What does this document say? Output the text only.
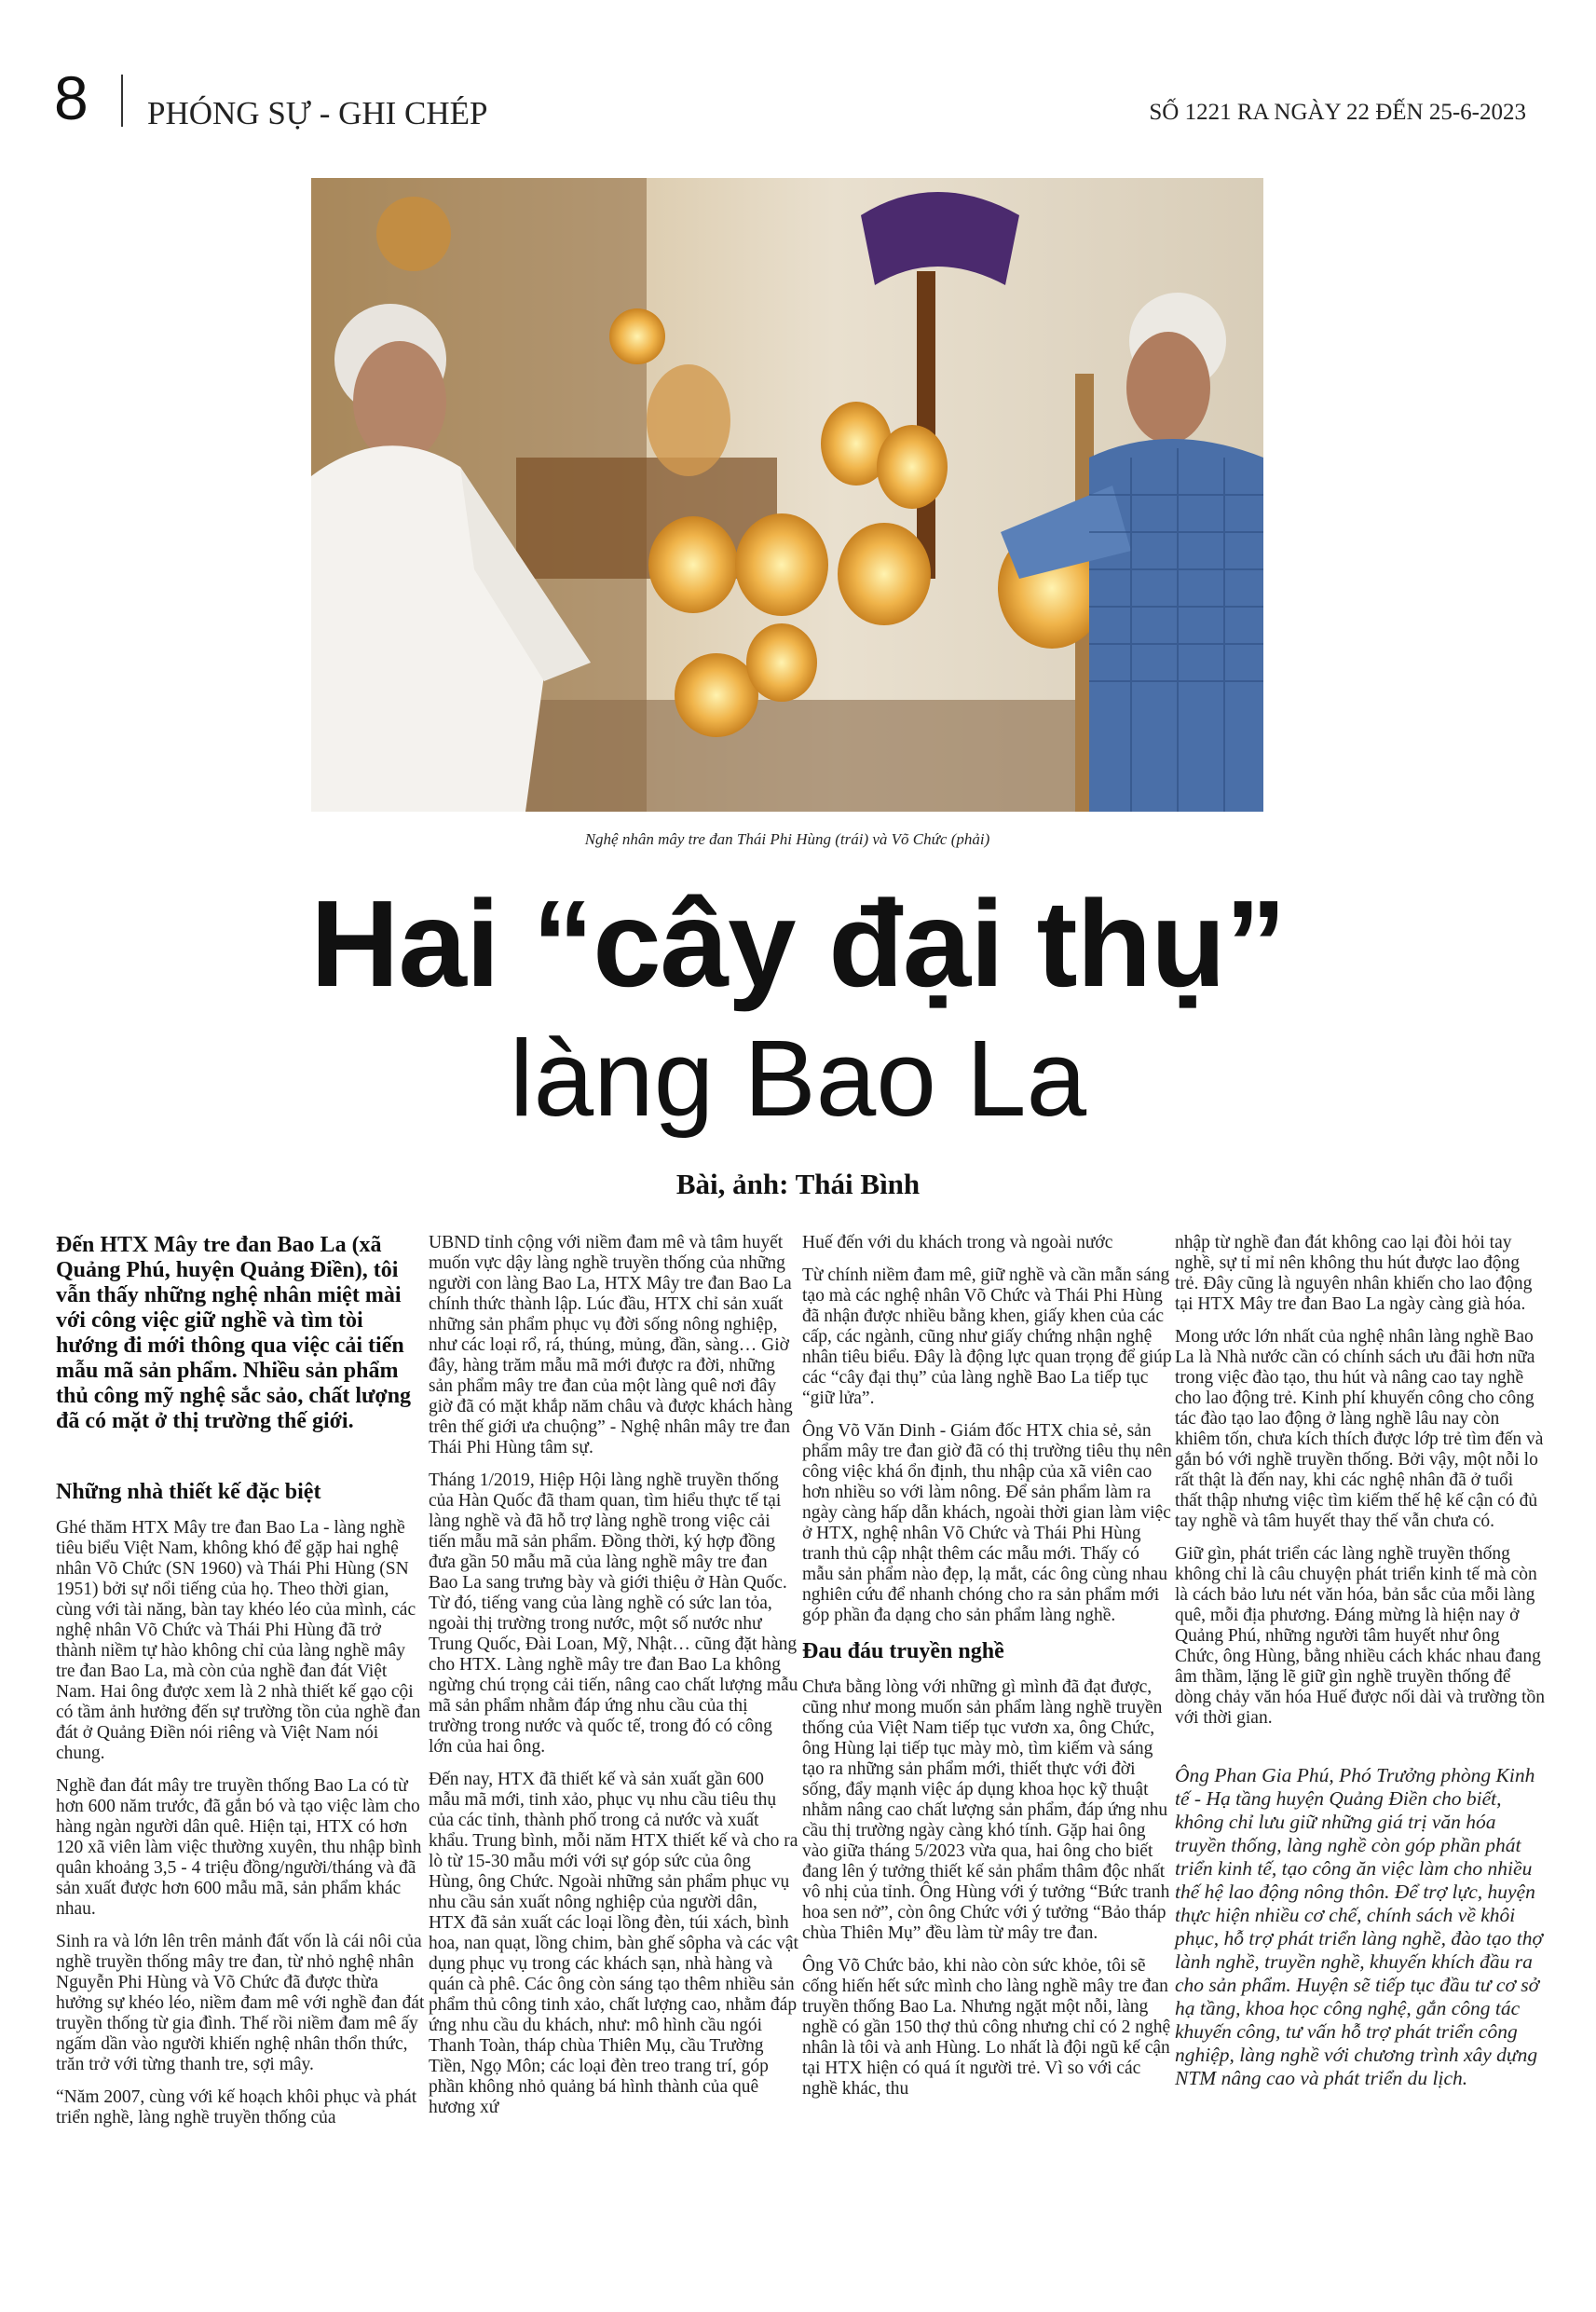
8 PHÓNG SỰ - GHI CHÉP	SỐ 1221 RA NGÀY 22 ĐẾN 25-6-2023
Nghệ nhân mây tre đan Thái Phi Hùng (trái) và Võ Chức (phải)
Hai “cây đại thụ”
làng Bao La
Bài, ảnh: Thái Bình

Đến HTX Mây tre đan Bao La (xã Quảng Phú, huyện Quảng Điền), tôi vẫn thấy những nghệ nhân miệt mài với công việc giữ nghề và tìm tòi hướng đi mới thông qua việc cải tiến mẫu mã sản phẩm. Nhiều sản phẩm thủ công mỹ nghệ sắc sảo, chất lượng đã có mặt ở thị trường thế giới.

Những nhà thiết kế đặc biệt

Ghé thăm HTX Mây tre đan Bao La - làng nghề tiêu biểu Việt Nam, không khó để gặp hai nghệ nhân Võ Chức (SN 1960) và Thái Phi Hùng (SN 1951) bởi sự nổi tiếng của họ. Theo thời gian, cùng với tài năng, bàn tay khéo léo của mình, các nghệ nhân Võ Chức và Thái Phi Hùng đã trở thành niềm tự hào không chỉ của làng nghề mây tre đan Bao La, mà còn của nghề đan đát Việt Nam. Hai ông được xem là 2 nhà thiết kế gạo cội có tầm ảnh hưởng đến sự trường tồn của nghề đan đát ở Quảng Điền nói riêng và Việt Nam nói chung.

Nghề đan đát mây tre truyền thống Bao La có từ hơn 600 năm trước, đã gắn bó và tạo việc làm cho hàng ngàn người dân quê. Hiện tại, HTX có hơn 120 xã viên làm việc thường xuyên, thu nhập bình quân khoảng 3,5 - 4 triệu đồng/người/tháng và đã sản xuất được hơn 600 mẫu mã, sản phẩm khác nhau.

Sinh ra và lớn lên trên mảnh đất vốn là cái nôi của nghề truyền thống mây tre đan, từ nhỏ nghệ nhân Nguyễn Phi Hùng và Võ Chức đã được thừa hưởng sự khéo léo, niềm đam mê với nghề đan đát truyền thống từ gia đình. Thế rồi niềm đam mê ấy ngấm dần vào người khiến nghệ nhân thổn thức, trăn trở với từng thanh tre, sợi mây.

“Năm 2007, cùng với kế hoạch khôi phục và phát triển nghề, làng nghề truyền thống của

UBND tỉnh cộng với niềm đam mê và tâm huyết muốn vực dậy làng nghề truyền thống của những người con làng Bao La, HTX Mây tre đan Bao La chính thức thành lập. Lúc đầu, HTX chỉ sản xuất những sản phẩm phục vụ đời sống nông nghiệp, như các loại rổ, rá, thúng, mủng, đần, sàng… Giờ đây, hàng trăm mẫu mã mới được ra đời, những sản phẩm mây tre đan của một làng quê nơi đây giờ đã có mặt khắp năm châu và được khách hàng trên thế giới ưa chuộng” - Nghệ nhân mây tre đan Thái Phi Hùng tâm sự.

Tháng 1/2019, Hiệp Hội làng nghề truyền thống của Hàn Quốc đã tham quan, tìm hiểu thực tế tại làng nghề và đã hỗ trợ làng nghề trong việc cải tiến mẫu mã sản phẩm. Đồng thời, ký hợp đồng đưa gần 50 mẫu mã của làng nghề mây tre đan Bao La sang trưng bày và giới thiệu ở Hàn Quốc. Từ đó, tiếng vang của làng nghề có sức lan tỏa, ngoài thị trường trong nước, một số nước như Trung Quốc, Đài Loan, Mỹ, Nhật… cũng đặt hàng cho HTX. Làng nghề mây tre đan Bao La không ngừng chú trọng cải tiến, nâng cao chất lượng mẫu mã sản phẩm nhằm đáp ứng nhu cầu của thị trường trong nước và quốc tế, trong đó có công lớn của hai ông.

Đến nay, HTX đã thiết kế và sản xuất gần 600 mẫu mã mới, tinh xảo, phục vụ nhu cầu tiêu thụ của các tỉnh, thành phố trong cả nước và xuất khẩu. Trung bình, mỗi năm HTX thiết kế và cho ra lò từ 15-30 mẫu mới với sự góp sức của ông Hùng, ông Chức. Ngoài những sản phẩm phục vụ nhu cầu sản xuất nông nghiệp của người dân, HTX đã sản xuất các loại lồng đèn, túi xách, bình hoa, nan quạt, lồng chim, bàn ghế sôpha và các vật dụng phục vụ trong các khách sạn, nhà hàng và quán cà phê. Các ông còn sáng tạo thêm nhiều sản phẩm thủ công tinh xảo, chất lượng cao, nhằm đáp ứng nhu cầu du khách, như: mô hình cầu ngói Thanh Toàn, tháp chùa Thiên Mụ, cầu Trường Tiền, Ngọ Môn; các loại đèn treo trang trí, góp phần không nhỏ quảng bá hình thành của quê hương xứ

Huế đến với du khách trong và ngoài nước

Từ chính niềm đam mê, giữ nghề và cần mẫn sáng tạo mà các nghệ nhân Võ Chức và Thái Phi Hùng đã nhận được nhiều bằng khen, giấy khen của các cấp, các ngành, cũng như giấy chứng nhận nghệ nhân tiêu biểu. Đây là động lực quan trọng để giúp các “cây đại thụ” của làng nghề Bao La tiếp tục “giữ lửa”.

Ông Võ Văn Dinh - Giám đốc HTX chia sẻ, sản phẩm mây tre đan giờ đã có thị trường tiêu thụ nên công việc khá ổn định, thu nhập của xã viên cao hơn nhiều so với làm nông. Để sản phẩm làm ra ngày càng hấp dẫn khách, ngoài thời gian làm việc ở HTX, nghệ nhân Võ Chức và Thái Phi Hùng tranh thủ cập nhật thêm các mẫu mới. Thấy có mẫu sản phẩm nào đẹp, lạ mắt, các ông cùng nhau nghiên cứu để nhanh chóng cho ra sản phẩm mới góp phần đa dạng cho sản phẩm làng nghề.

Đau đáu truyền nghề

Chưa bằng lòng với những gì mình đã đạt được, cũng như mong muốn sản phẩm làng nghề truyền thống của Việt Nam tiếp tục vươn xa, ông Chức, ông Hùng lại tiếp tục mày mò, tìm kiếm và sáng tạo ra những sản phẩm mới, thiết thực với đời sống, đẩy mạnh việc áp dụng khoa học kỹ thuật nhằm nâng cao chất lượng sản phẩm, đáp ứng nhu cầu thị trường ngày càng khó tính. Gặp hai ông vào giữa tháng 5/2023 vừa qua, hai ông cho biết đang lên ý tưởng thiết kế sản phẩm thâm độc nhất vô nhị của tỉnh. Ông Hùng với ý tưởng “Bức tranh hoa sen nở”, còn ông Chức với ý tưởng “Bảo tháp chùa Thiên Mụ” đều làm từ mây tre đan.

Ông Võ Chức bảo, khi nào còn sức khỏe, tôi sẽ cống hiến hết sức mình cho làng nghề mây tre đan truyền thống Bao La. Nhưng ngặt một nỗi, làng nghề có gần 150 thợ thủ công nhưng chỉ có 2 nghệ nhân là tôi và anh Hùng. Lo nhất là đội ngũ kế cận tại HTX hiện có quá ít người trẻ. Vì so với các nghề khác, thu

nhập từ nghề đan đát không cao lại đòi hỏi tay nghề, sự tỉ mỉ nên không thu hút được lao động trẻ. Đây cũng là nguyên nhân khiến cho lao động tại HTX Mây tre đan Bao La ngày càng già hóa.

Mong ước lớn nhất của nghệ nhân làng nghề Bao La là Nhà nước cần có chính sách ưu đãi hơn nữa trong việc đào tạo, thu hút và nâng cao tay nghề cho lao động trẻ. Kinh phí khuyến công cho công tác đào tạo lao động ở làng nghề lâu nay còn khiêm tốn, chưa kích thích được lớp trẻ tìm đến và gắn bó với nghề truyền thống. Bởi vậy, một nỗi lo rất thật là đến nay, khi các nghệ nhân đã ở tuổi thất thập nhưng việc tìm kiếm thế hệ kế cận có đủ tay nghề và tâm huyết thay thế vẫn chưa có.

Giữ gìn, phát triển các làng nghề truyền thống không chỉ là câu chuyện phát triển kinh tế mà còn là cách bảo lưu nét văn hóa, bản sắc của mỗi làng quê, mỗi địa phương. Đáng mừng là hiện nay ở Quảng Phú, những người tâm huyết như ông Chức, ông Hùng, bằng nhiều cách khác nhau đang âm thầm, lặng lẽ giữ gìn nghề truyền thống để dòng chảy văn hóa Huế được nối dài và trường tồn với thời gian.

Ông Phan Gia Phú, Phó Trưởng phòng Kinh tế - Hạ tầng huyện Quảng Điền cho biết, không chỉ lưu giữ những giá trị văn hóa truyền thống, làng nghề còn góp phần phát triển kinh tế, tạo công ăn việc làm cho nhiều thế hệ lao động nông thôn. Để trợ lực, huyện thực hiện nhiều cơ chế, chính sách về khôi phục, hỗ trợ phát triển làng nghề, đào tạo thợ lành nghề, truyền nghề, khuyến khích đầu ra cho sản phẩm. Huyện sẽ tiếp tục đầu tư cơ sở hạ tầng, khoa học công nghệ, gắn công tác khuyến công, tư vấn hỗ trợ phát triển công nghiệp, làng nghề với chương trình xây dựng NTM nâng cao và phát triển du lịch.
